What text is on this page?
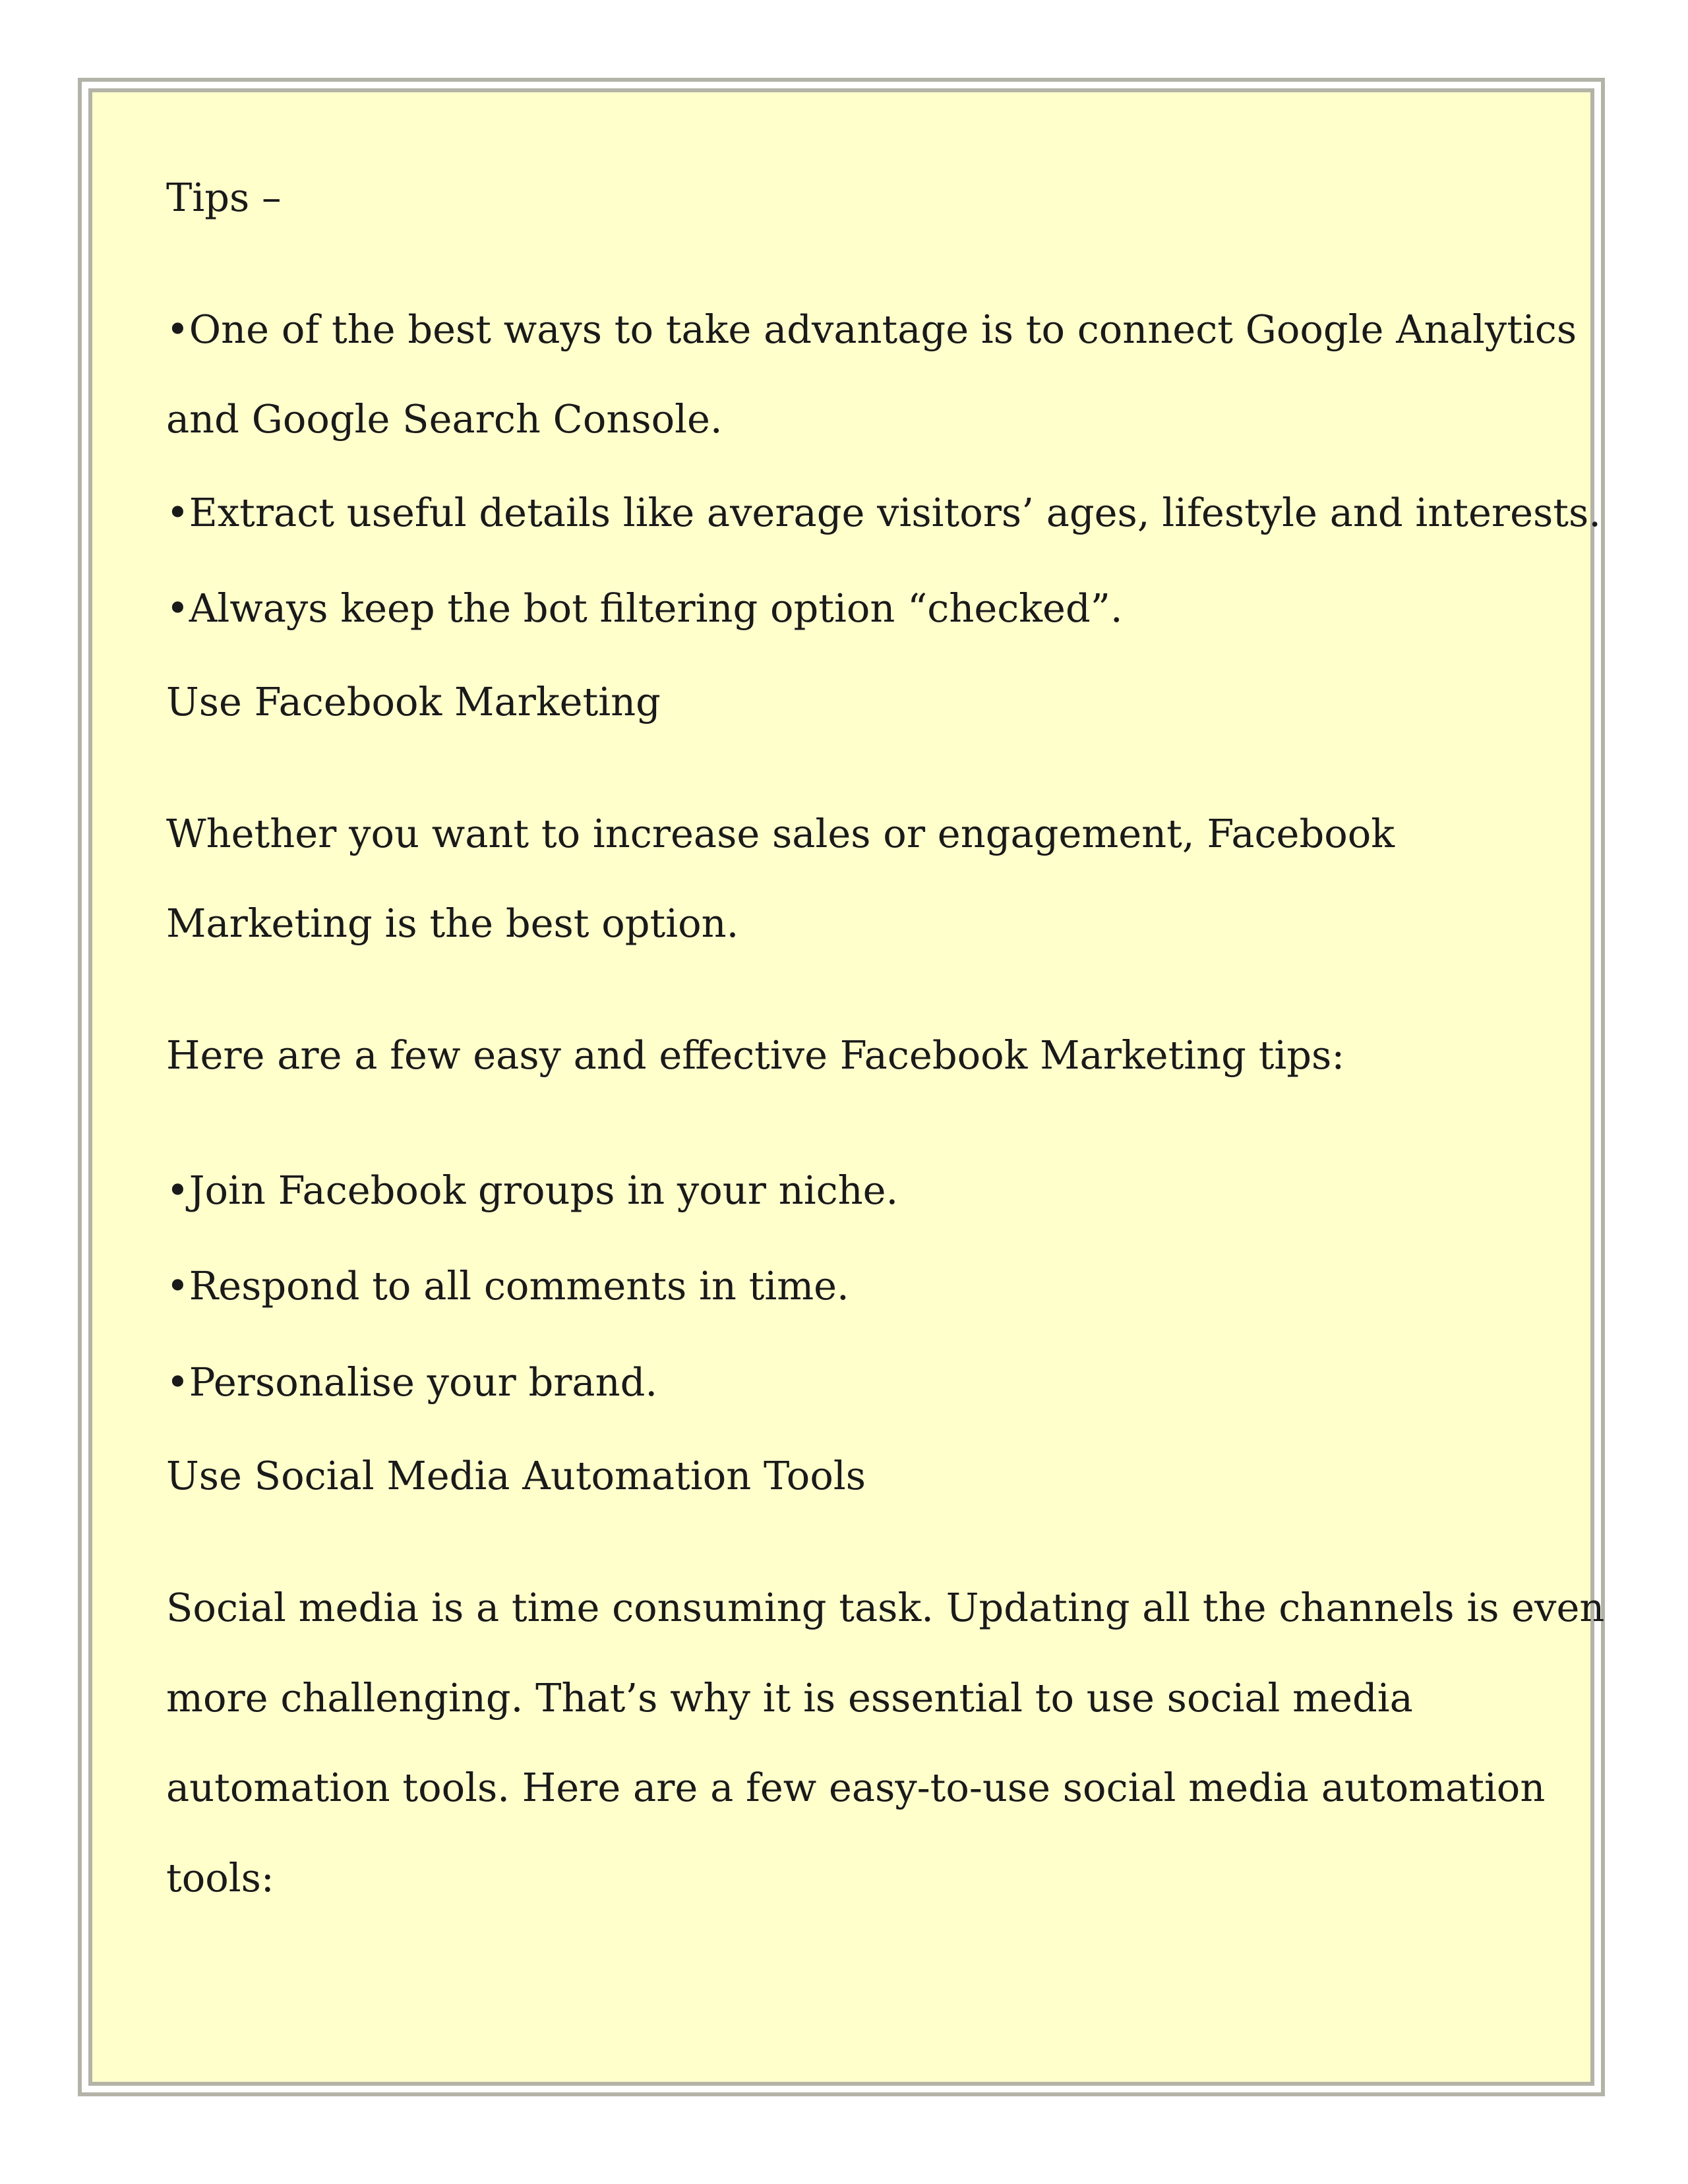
Tips –

•One of the best ways to take advantage is to connect Google Analytics

and Google Search Console.

•Extract useful details like average visitors’ ages, lifestyle and interests.

•Always keep the bot filtering option “checked”.

Use Facebook Marketing

Whether you want to increase sales or engagement, Facebook

Marketing is the best option.

Here are a few easy and effective Facebook Marketing tips:

•Join Facebook groups in your niche.

•Respond to all comments in time.

•Personalise your brand.

Use Social Media Automation Tools

Social media is a time consuming task. Updating all the channels is even

more challenging. That’s why it is essential to use social media

automation tools. Here are a few easy-to-use social media automation

tools:
